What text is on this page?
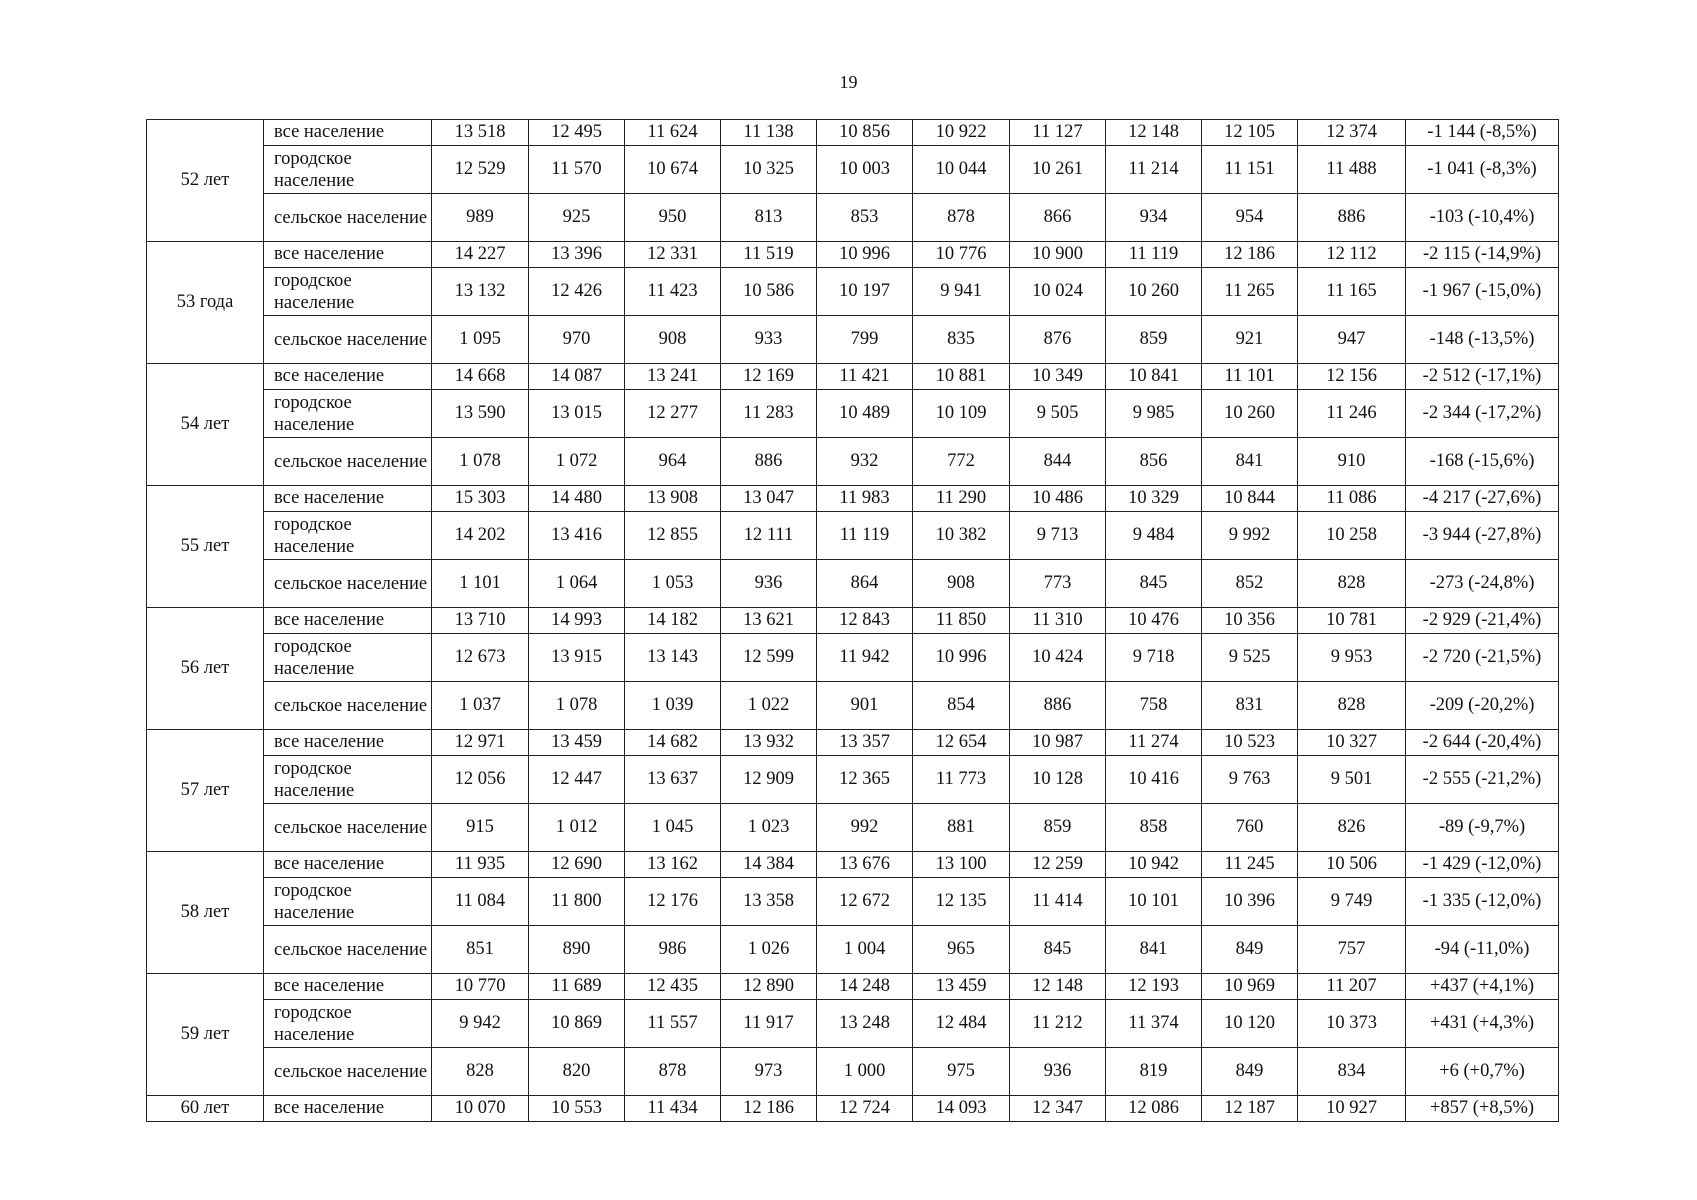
19
52 лет	все население	13 518	12 495	11 624	11 138	10 856	10 922	11 127	12 148	12 105	12 374	-1 144 (-8,5%)
	городское население	12 529	11 570	10 674	10 325	10 003	10 044	10 261	11 214	11 151	11 488	-1 041 (-8,3%)
	сельское население	989	925	950	813	853	878	866	934	954	886	-103 (-10,4%)
53 года	все население	14 227	13 396	12 331	11 519	10 996	10 776	10 900	11 119	12 186	12 112	-2 115 (-14,9%)
	городское население	13 132	12 426	11 423	10 586	10 197	9 941	10 024	10 260	11 265	11 165	-1 967 (-15,0%)
	сельское население	1 095	970	908	933	799	835	876	859	921	947	-148 (-13,5%)
54 лет	все население	14 668	14 087	13 241	12 169	11 421	10 881	10 349	10 841	11 101	12 156	-2 512 (-17,1%)
	городское население	13 590	13 015	12 277	11 283	10 489	10 109	9 505	9 985	10 260	11 246	-2 344 (-17,2%)
	сельское население	1 078	1 072	964	886	932	772	844	856	841	910	-168 (-15,6%)
55 лет	все население	15 303	14 480	13 908	13 047	11 983	11 290	10 486	10 329	10 844	11 086	-4 217 (-27,6%)
	городское население	14 202	13 416	12 855	12 111	11 119	10 382	9 713	9 484	9 992	10 258	-3 944 (-27,8%)
	сельское население	1 101	1 064	1 053	936	864	908	773	845	852	828	-273 (-24,8%)
56 лет	все население	13 710	14 993	14 182	13 621	12 843	11 850	11 310	10 476	10 356	10 781	-2 929 (-21,4%)
	городское население	12 673	13 915	13 143	12 599	11 942	10 996	10 424	9 718	9 525	9 953	-2 720 (-21,5%)
	сельское население	1 037	1 078	1 039	1 022	901	854	886	758	831	828	-209 (-20,2%)
57 лет	все население	12 971	13 459	14 682	13 932	13 357	12 654	10 987	11 274	10 523	10 327	-2 644 (-20,4%)
	городское население	12 056	12 447	13 637	12 909	12 365	11 773	10 128	10 416	9 763	9 501	-2 555 (-21,2%)
	сельское население	915	1 012	1 045	1 023	992	881	859	858	760	826	-89 (-9,7%)
58 лет	все население	11 935	12 690	13 162	14 384	13 676	13 100	12 259	10 942	11 245	10 506	-1 429 (-12,0%)
	городское население	11 084	11 800	12 176	13 358	12 672	12 135	11 414	10 101	10 396	9 749	-1 335 (-12,0%)
	сельское население	851	890	986	1 026	1 004	965	845	841	849	757	-94 (-11,0%)
59 лет	все население	10 770	11 689	12 435	12 890	14 248	13 459	12 148	12 193	10 969	11 207	+437 (+4,1%)
	городское население	9 942	10 869	11 557	11 917	13 248	12 484	11 212	11 374	10 120	10 373	+431 (+4,3%)
	сельское население	828	820	878	973	1 000	975	936	819	849	834	+6 (+0,7%)
60 лет	все население	10 070	10 553	11 434	12 186	12 724	14 093	12 347	12 086	12 187	10 927	+857 (+8,5%)
